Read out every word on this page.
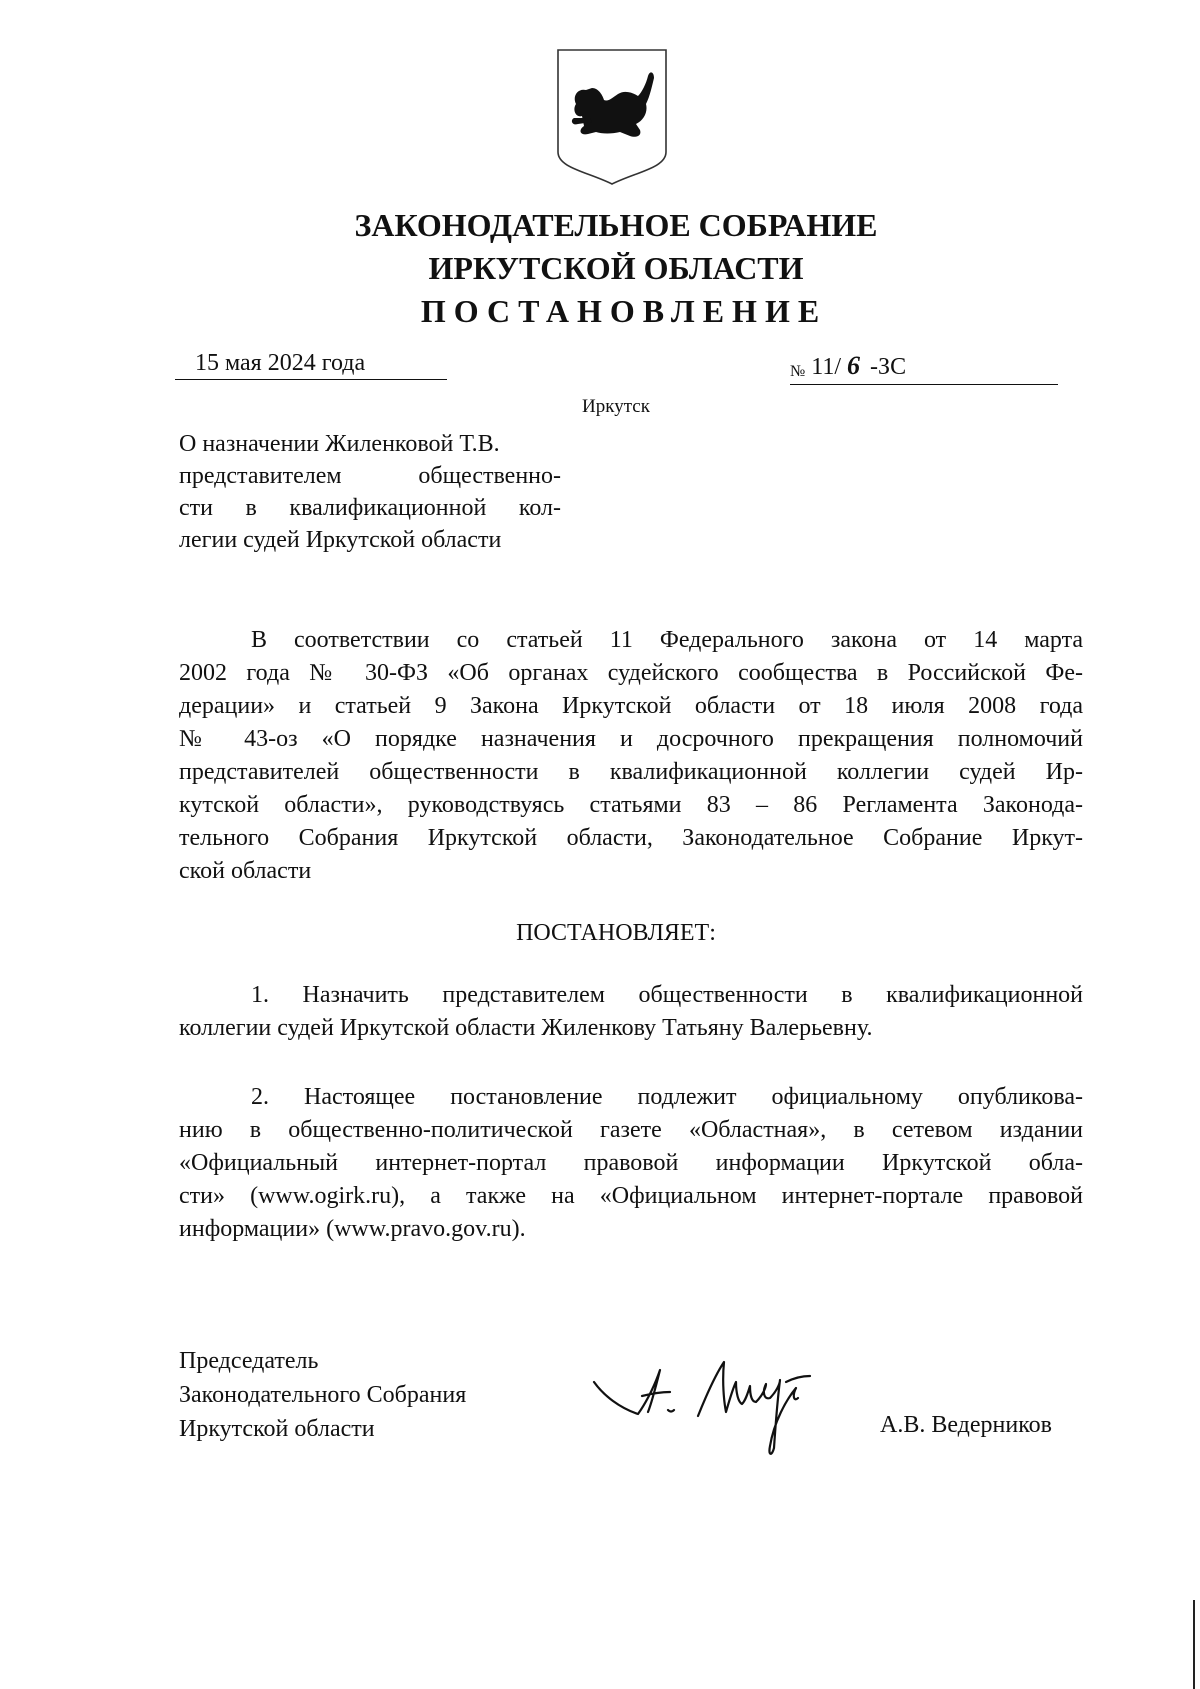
ЗАКОНОДАТЕЛЬНОЕ СОБРАНИЕ
ИРКУТСКОЙ ОБЛАСТИ
ПОСТАНОВЛЕНИЕ
15 мая 2024 года	№ 11/ 6 -ЗС
Иркутск
О назначении Жиленковой Т.В.
представителем общественно-
сти в квалификационной кол-
легии судей Иркутской области
В соответствии со статьей 11 Федерального закона от 14 марта
2002 года № 30-ФЗ «Об органах судейского сообщества в Российской Фе-
дерации» и статьей 9 Закона Иркутской области от 18 июля 2008 года
№ 43-оз «О порядке назначения и досрочного прекращения полномочий
представителей общественности в квалификационной коллегии судей Ир-
кутской области», руководствуясь статьями 83 – 86 Регламента Законода-
тельного Собрания Иркутской области, Законодательное Собрание Иркут-
ской области
ПОСТАНОВЛЯЕТ:
1. Назначить представителем общественности в квалификационной
коллегии судей Иркутской области Жиленкову Татьяну Валерьевну.
2. Настоящее постановление подлежит официальному опубликова-
нию в общественно-политической газете «Областная», в сетевом издании
«Официальный интернет-портал правовой информации Иркутской обла-
сти» (www.ogirk.ru), а также на «Официальном интернет-портале правовой
информации» (www.pravo.gov.ru).
Председатель
Законодательного Собрания
Иркутской области	А.В. Ведерников
